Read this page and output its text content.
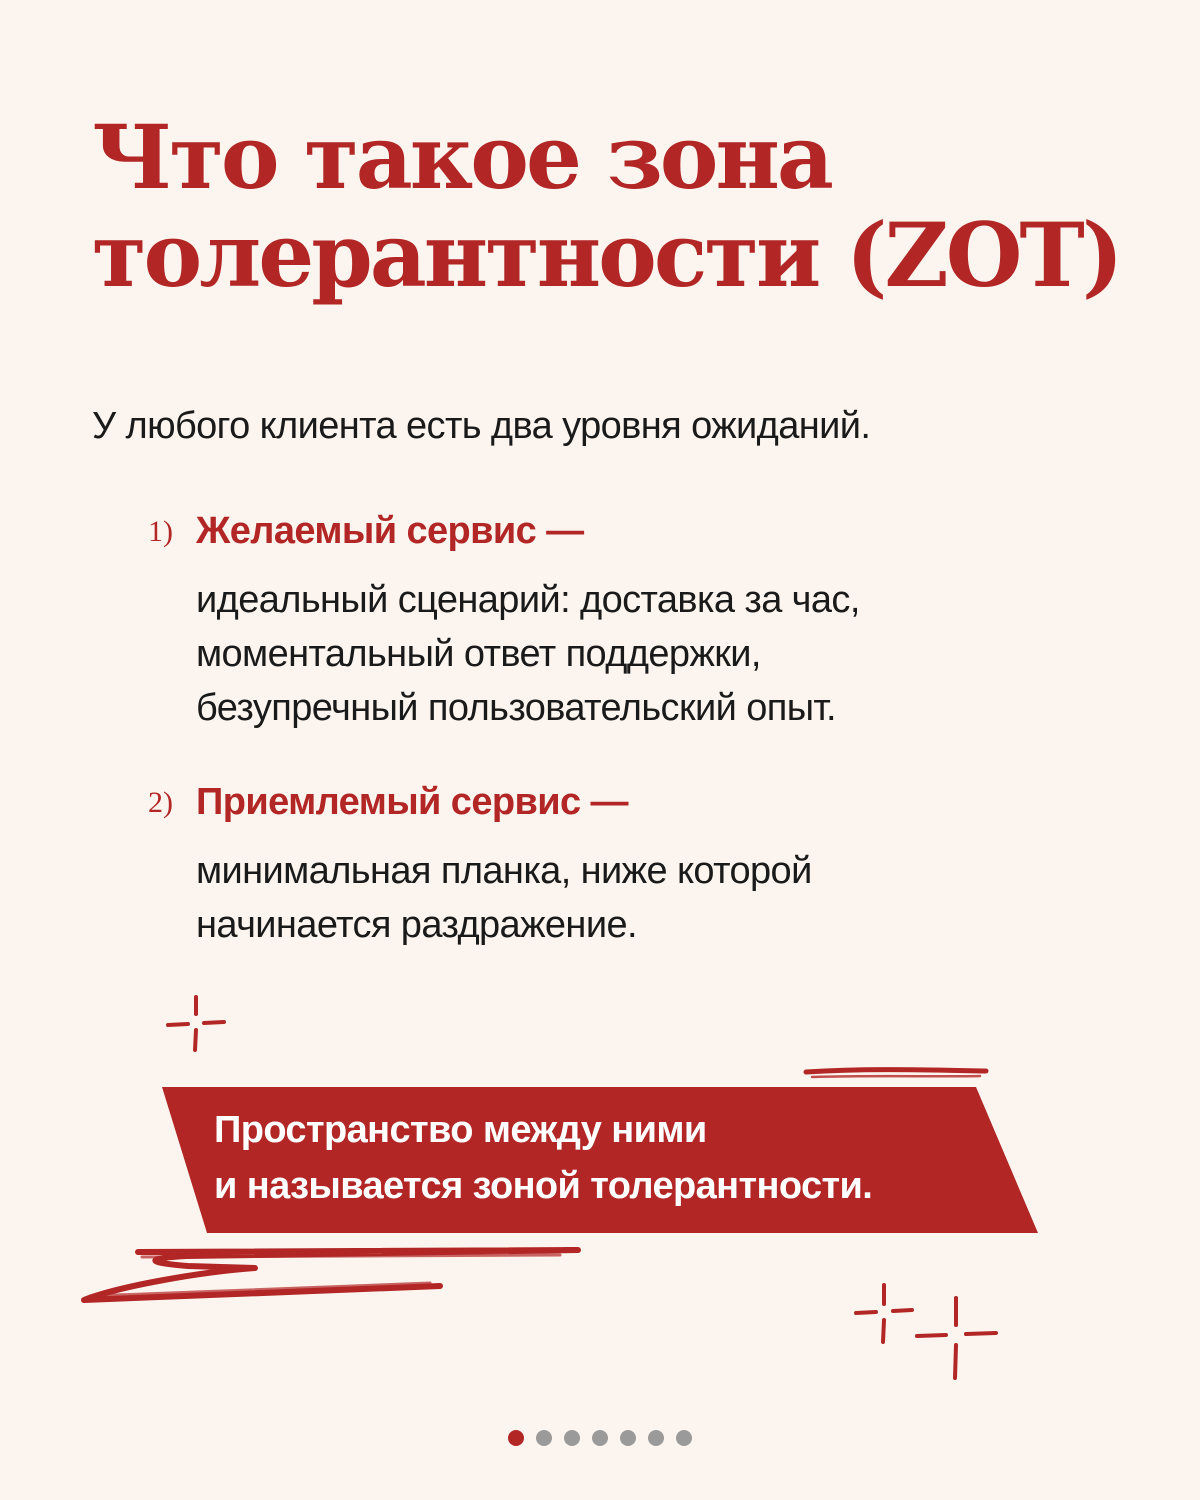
Что такое зона
толерантности (ZOT)
У любого клиента есть два уровня ожиданий.
1) Желаемый сервис —
идеальный сценарий: доставка за час,
моментальный ответ поддержки,
безупречный пользовательский опыт.
2) Приемлемый сервис —
минимальная планка, ниже которой
начинается раздражение.
Пространство между ними
и называется зоной толерантности.
